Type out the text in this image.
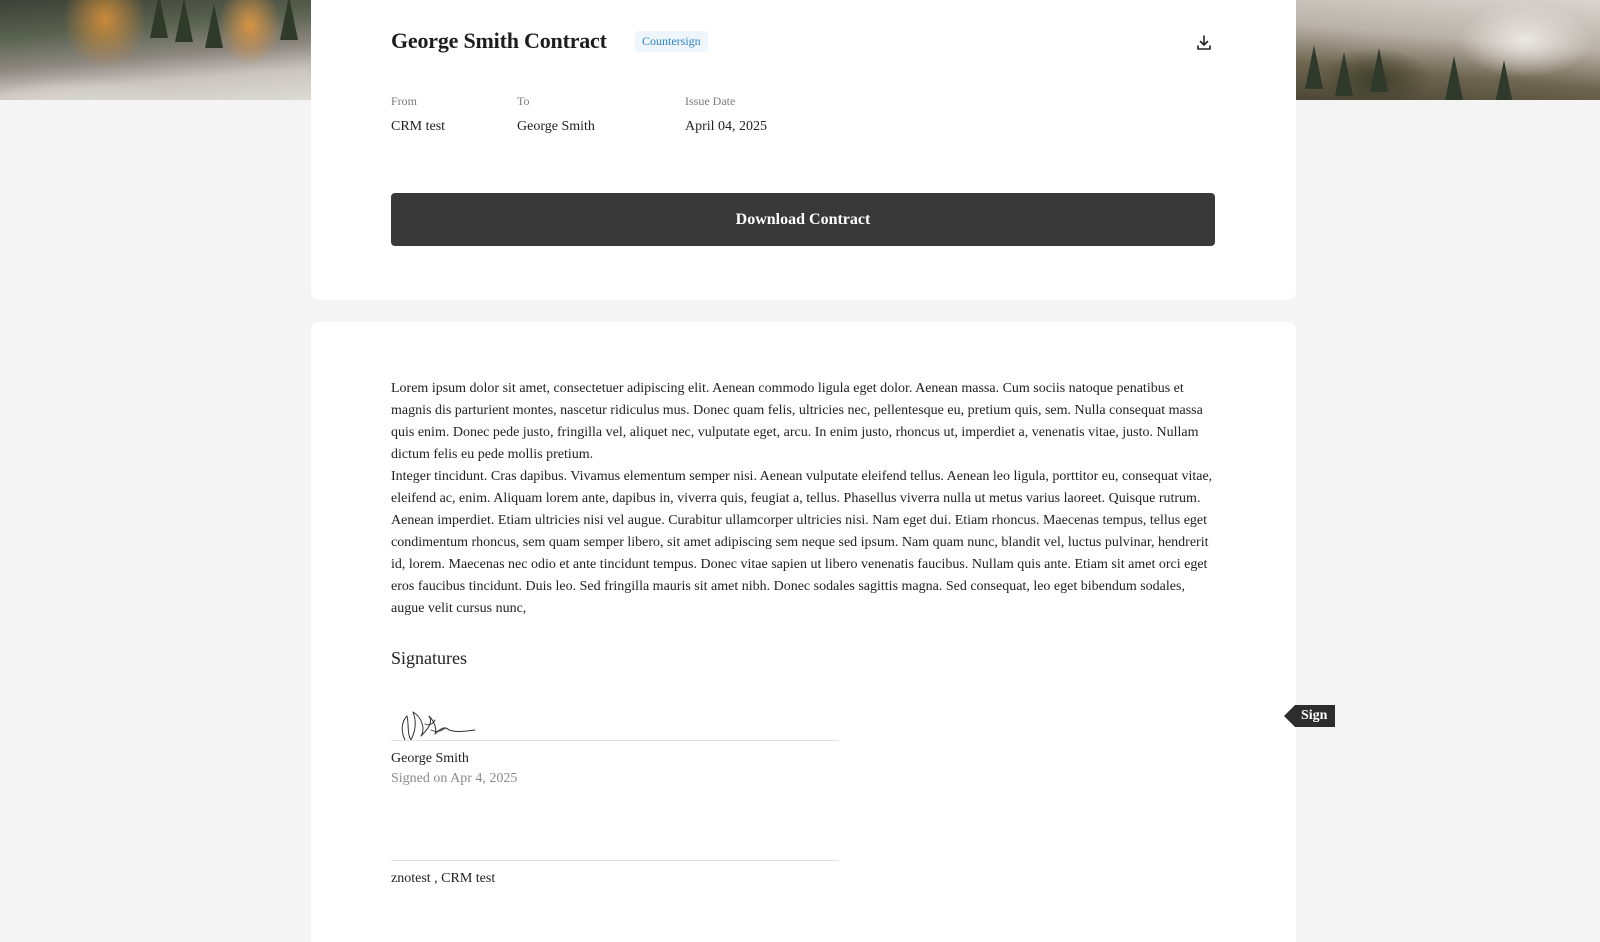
George Smith Contract	Countersign
From
CRM test
To
George Smith
Issue Date
April 04, 2025
Download Contract

Lorem ipsum dolor sit amet, consectetuer adipiscing elit. Aenean commodo ligula eget dolor. Aenean massa. Cum sociis natoque penatibus et magnis dis parturient montes, nascetur ridiculus mus. Donec quam felis, ultricies nec, pellentesque eu, pretium quis, sem. Nulla consequat massa quis enim. Donec pede justo, fringilla vel, aliquet nec, vulputate eget, arcu. In enim justo, rhoncus ut, imperdiet a, venenatis vitae, justo. Nullam dictum felis eu pede mollis pretium.

Integer tincidunt. Cras dapibus. Vivamus elementum semper nisi. Aenean vulputate eleifend tellus. Aenean leo ligula, porttitor eu, consequat vitae, eleifend ac, enim. Aliquam lorem ante, dapibus in, viverra quis, feugiat a, tellus. Phasellus viverra nulla ut metus varius laoreet. Quisque rutrum. Aenean imperdiet. Etiam ultricies nisi vel augue. Curabitur ullamcorper ultricies nisi. Nam eget dui. Etiam rhoncus. Maecenas tempus, tellus eget condimentum rhoncus, sem quam semper libero, sit amet adipiscing sem neque sed ipsum. Nam quam nunc, blandit vel, luctus pulvinar, hendrerit id, lorem. Maecenas nec odio et ante tincidunt tempus. Donec vitae sapien ut libero venenatis faucibus. Nullam quis ante. Etiam sit amet orci eget eros faucibus tincidunt. Duis leo. Sed fringilla mauris sit amet nibh. Donec sodales sagittis magna. Sed consequat, leo eget bibendum sodales, augue velit cursus nunc,

Signatures
George Smith
Signed on Apr 4, 2025
znotest , CRM test
Sign
